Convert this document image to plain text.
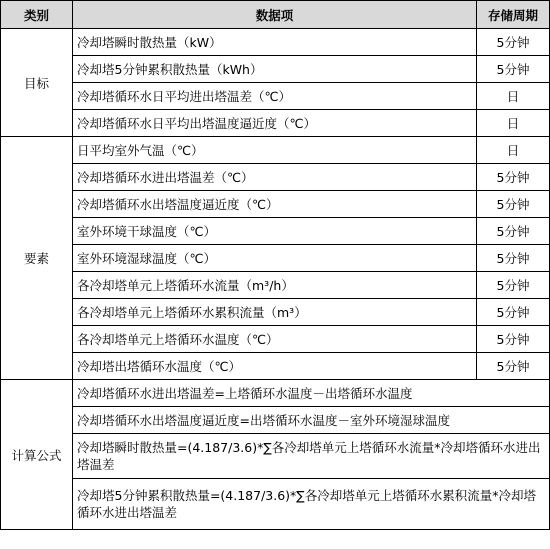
类别	数据项	存储周期
目标	冷却塔瞬时散热量（kW）	5分钟
	冷却塔5分钟累积散热量（kWh）	5分钟
	冷却塔循环水日平均进出塔温差（℃）	日
	冷却塔循环水日平均出塔温度逼近度（℃）	日
要素	日平均室外气温（℃）	日
	冷却塔循环水进出塔温差（℃）	5分钟
	冷却塔循环水出塔温度逼近度（℃）	5分钟
	室外环境干球温度（℃）	5分钟
	室外环境湿球温度（℃）	5分钟
	各冷却塔单元上塔循环水流量（m³/h）	5分钟
	各冷却塔单元上塔循环水累积流量（m³）	5分钟
	各冷却塔单元上塔循环水温度（℃）	5分钟
	冷却塔出塔循环水温度（℃）	5分钟
计算公式	冷却塔循环水进出塔温差=上塔循环水温度－出塔循环水温度	
	冷却塔循环水出塔温度逼近度=出塔循环水温度－室外环境湿球温度	
	冷却塔瞬时散热量=(4.187/3.6)*∑各冷却塔单元上塔循环水流量*冷却塔循环水进出塔温差	
	冷却塔5分钟累积散热量=(4.187/3.6)*∑各冷却塔单元上塔循环水累积流量*冷却塔循环水进出塔温差	
